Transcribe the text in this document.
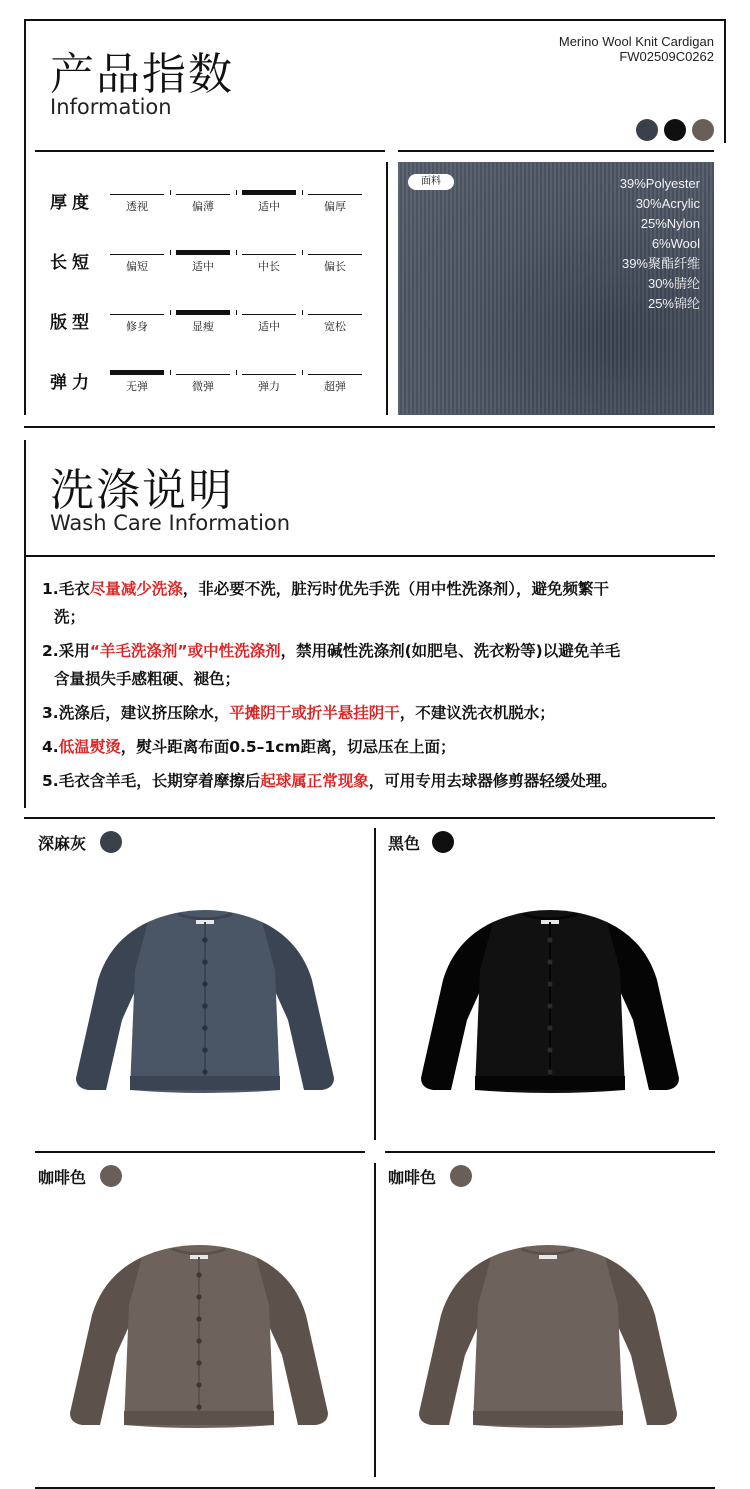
产品指数
Information
Merino Wool Knit Cardigan
FW02509C0262
厚度	透视	偏薄	适中	偏厚
长短	偏短	适中	中长	偏长
版型	修身	显瘦	适中	宽松
弹力	无弹	微弹	弹力	超弹
面料	39%Polyester
30%Acrylic
25%Nylon
6%Wool
39%聚酯纤维
30%腈纶
25%锦纶
洗涤说明
Wash Care Information
1.毛衣尽量减少洗涤，非必要不洗，脏污时优先手洗（用中性洗涤剂），避免频繁干
洗；
2.采用“羊毛洗涤剂”或中性洗涤剂，禁用碱性洗涤剂(如肥皂、洗衣粉等)以避免羊毛
含量损失手感粗硬、褪色；
3.洗涤后，建议挤压除水，平摊阴干或折半悬挂阴干，不建议洗衣机脱水；
4.低温熨烫，熨斗距离布面0.5–1cm距离，切忌压在上面；
5.毛衣含羊毛，长期穿着摩擦后起球属正常现象，可用专用去球器修剪器轻缓处理。
深麻灰	黑色
咖啡色	咖啡色
